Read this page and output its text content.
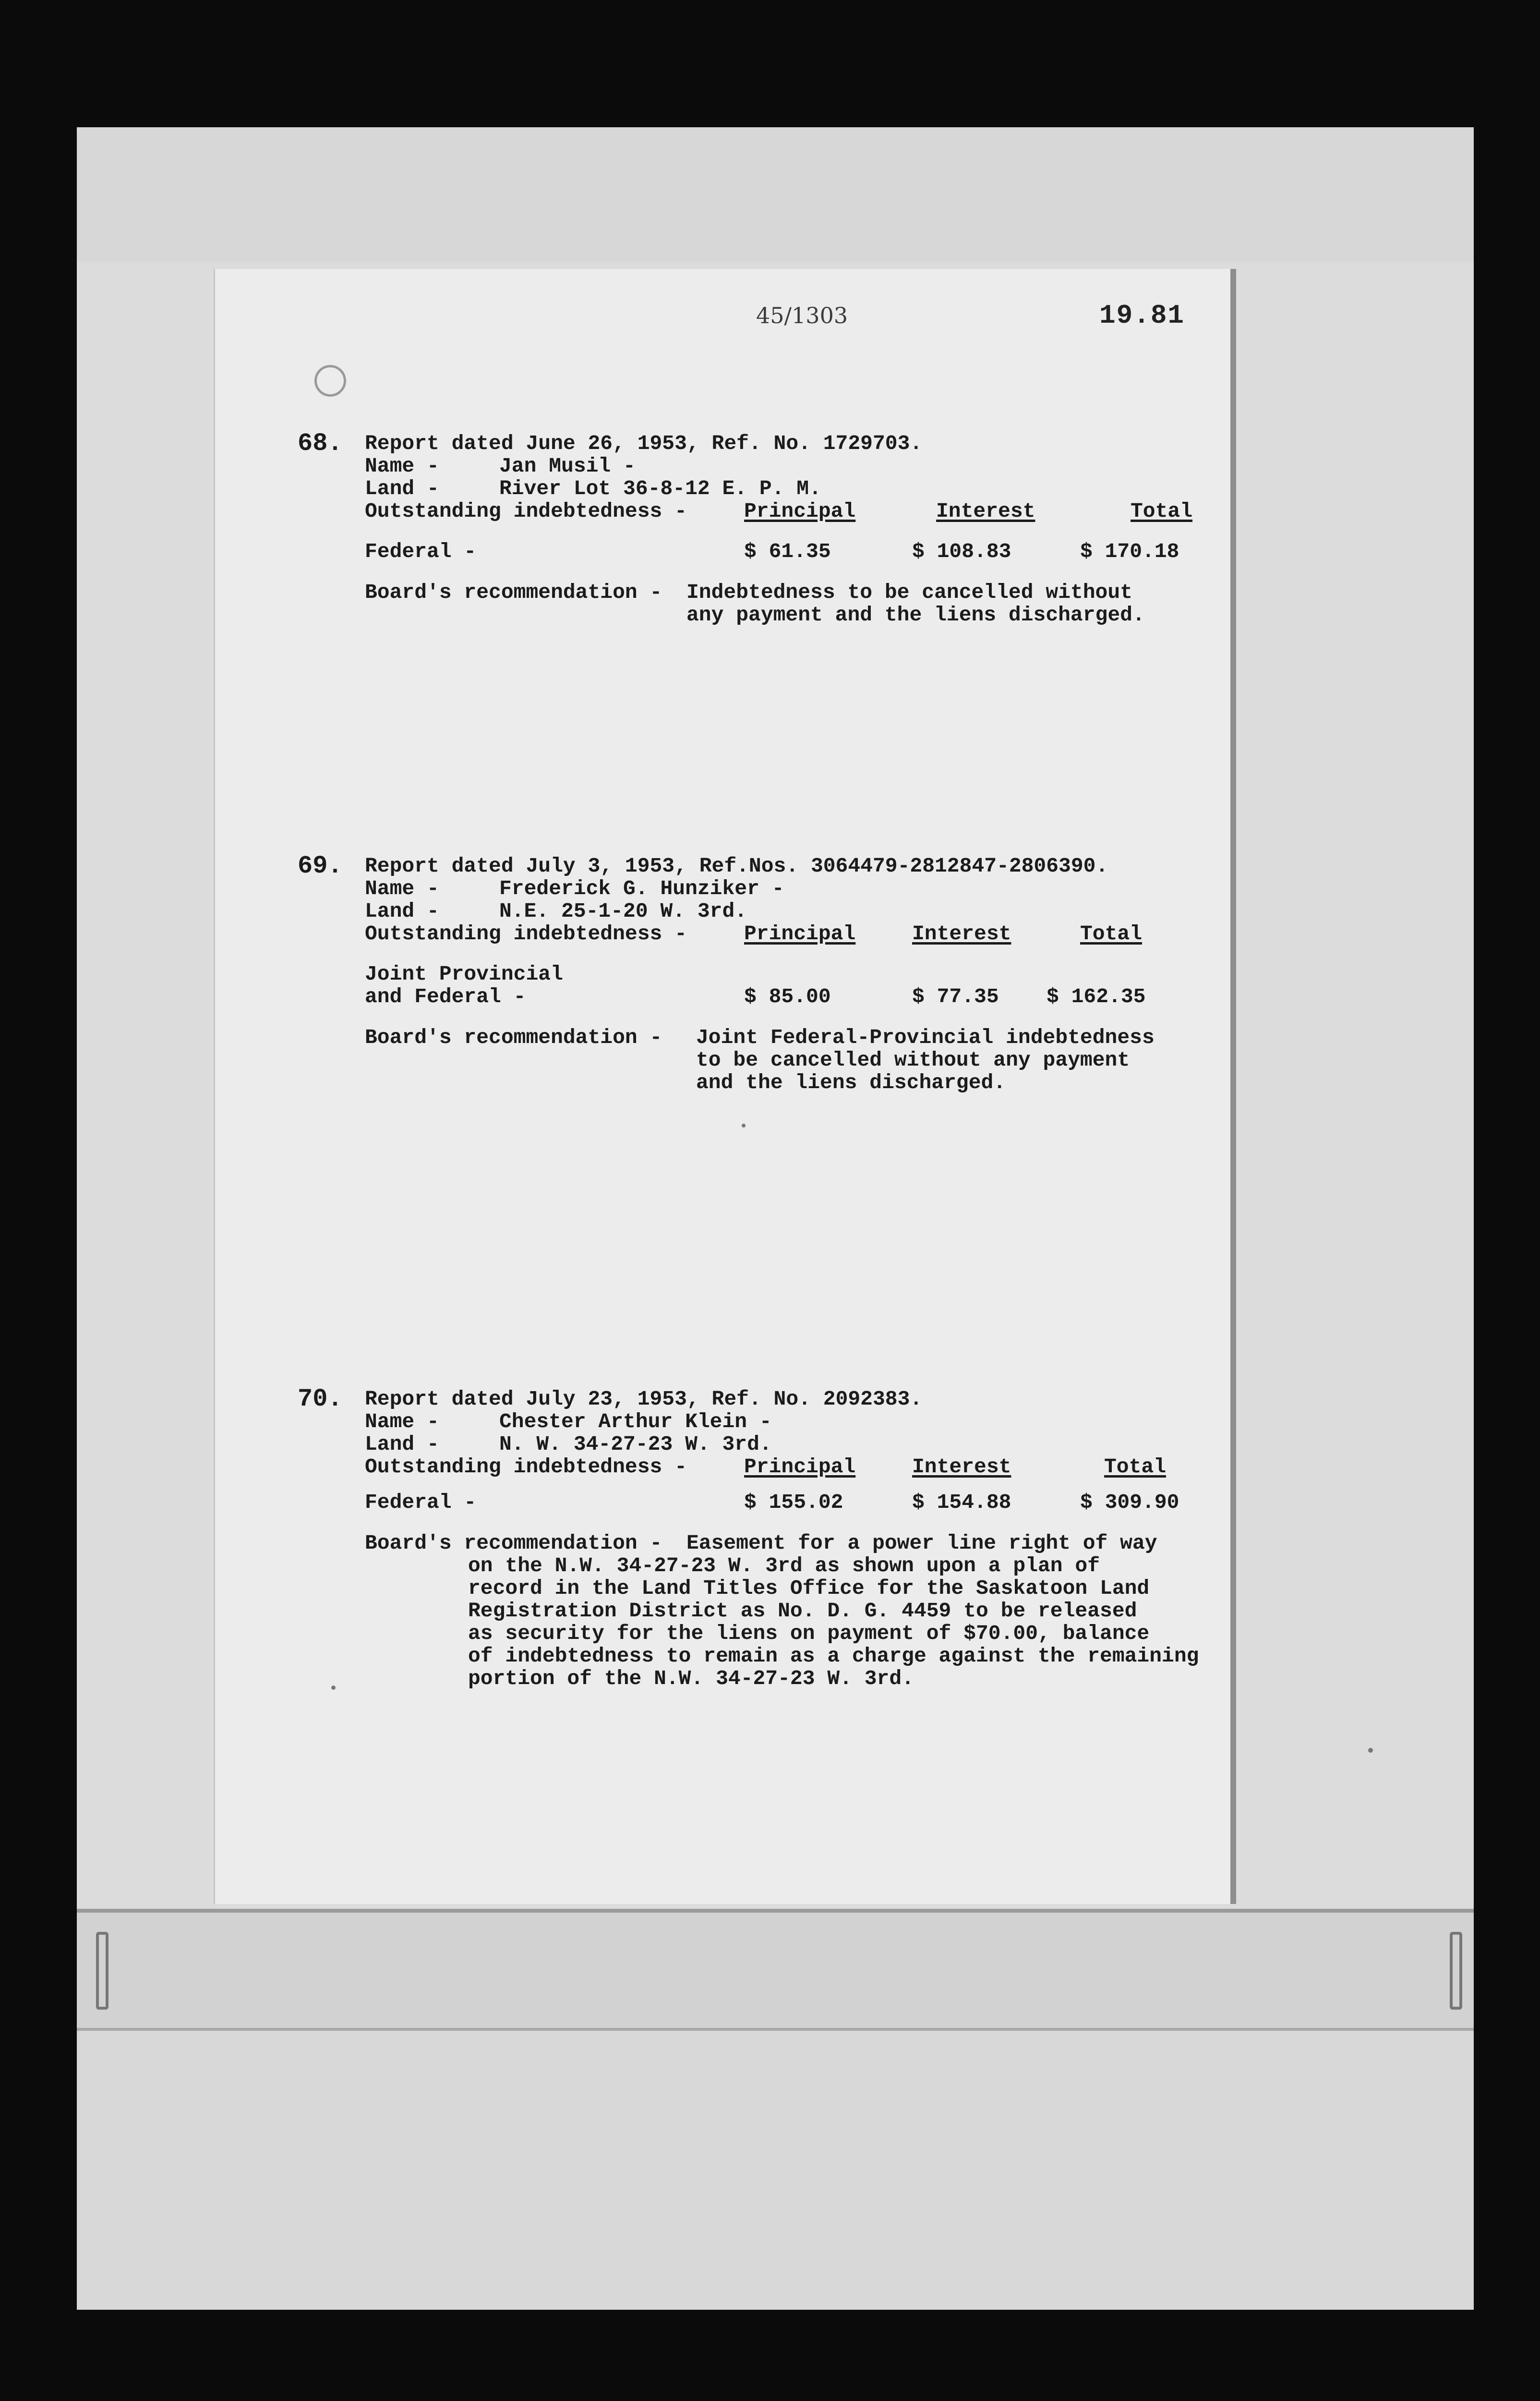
45/1303	19.81
68. Report dated June 26, 1953, Ref. No. 1729703.
Name -	Jan Musil -
Land -	River Lot 36-8-12 E. P. M.
Outstanding indebtedness -	Principal	Interest	Total
Federal -	$ 61.35	$ 108.83	$ 170.18
Board's recommendation - Indebtedness to be cancelled without
any payment and the liens discharged.
69. Report dated July 3, 1953, Ref.Nos. 3064479-2812847-2806390.
Name -	Frederick G. Hunziker -
Land -	N.E. 25-1-20 W. 3rd.
Outstanding indebtedness -	Principal	Interest	Total
Joint Provincial
and Federal -	$ 85.00	$ 77.35 $ 162.35
Board's recommendation - Joint Federal-Provincial indebtedness
to be cancelled without any payment
and the liens discharged.
70. Report dated July 23, 1953, Ref. No. 2092383.
Name -	Chester Arthur Klein -
Land -	N. W. 34-27-23 W. 3rd.
Outstanding indebtedness -	Principal	Interest	Total
Federal -	$ 155.02	$ 154.88	$ 309.90
Board's recommendation - Easement for a power line right of way
on the N.W. 34-27-23 W. 3rd as shown upon a plan of
record in the Land Titles Office for the Saskatoon Land
Registration District as No. D. G. 4459 to be released
as security for the liens on payment of $70.00, balance
of indebtedness to remain as a charge against the remaining
portion of the N.W. 34-27-23 W. 3rd.
